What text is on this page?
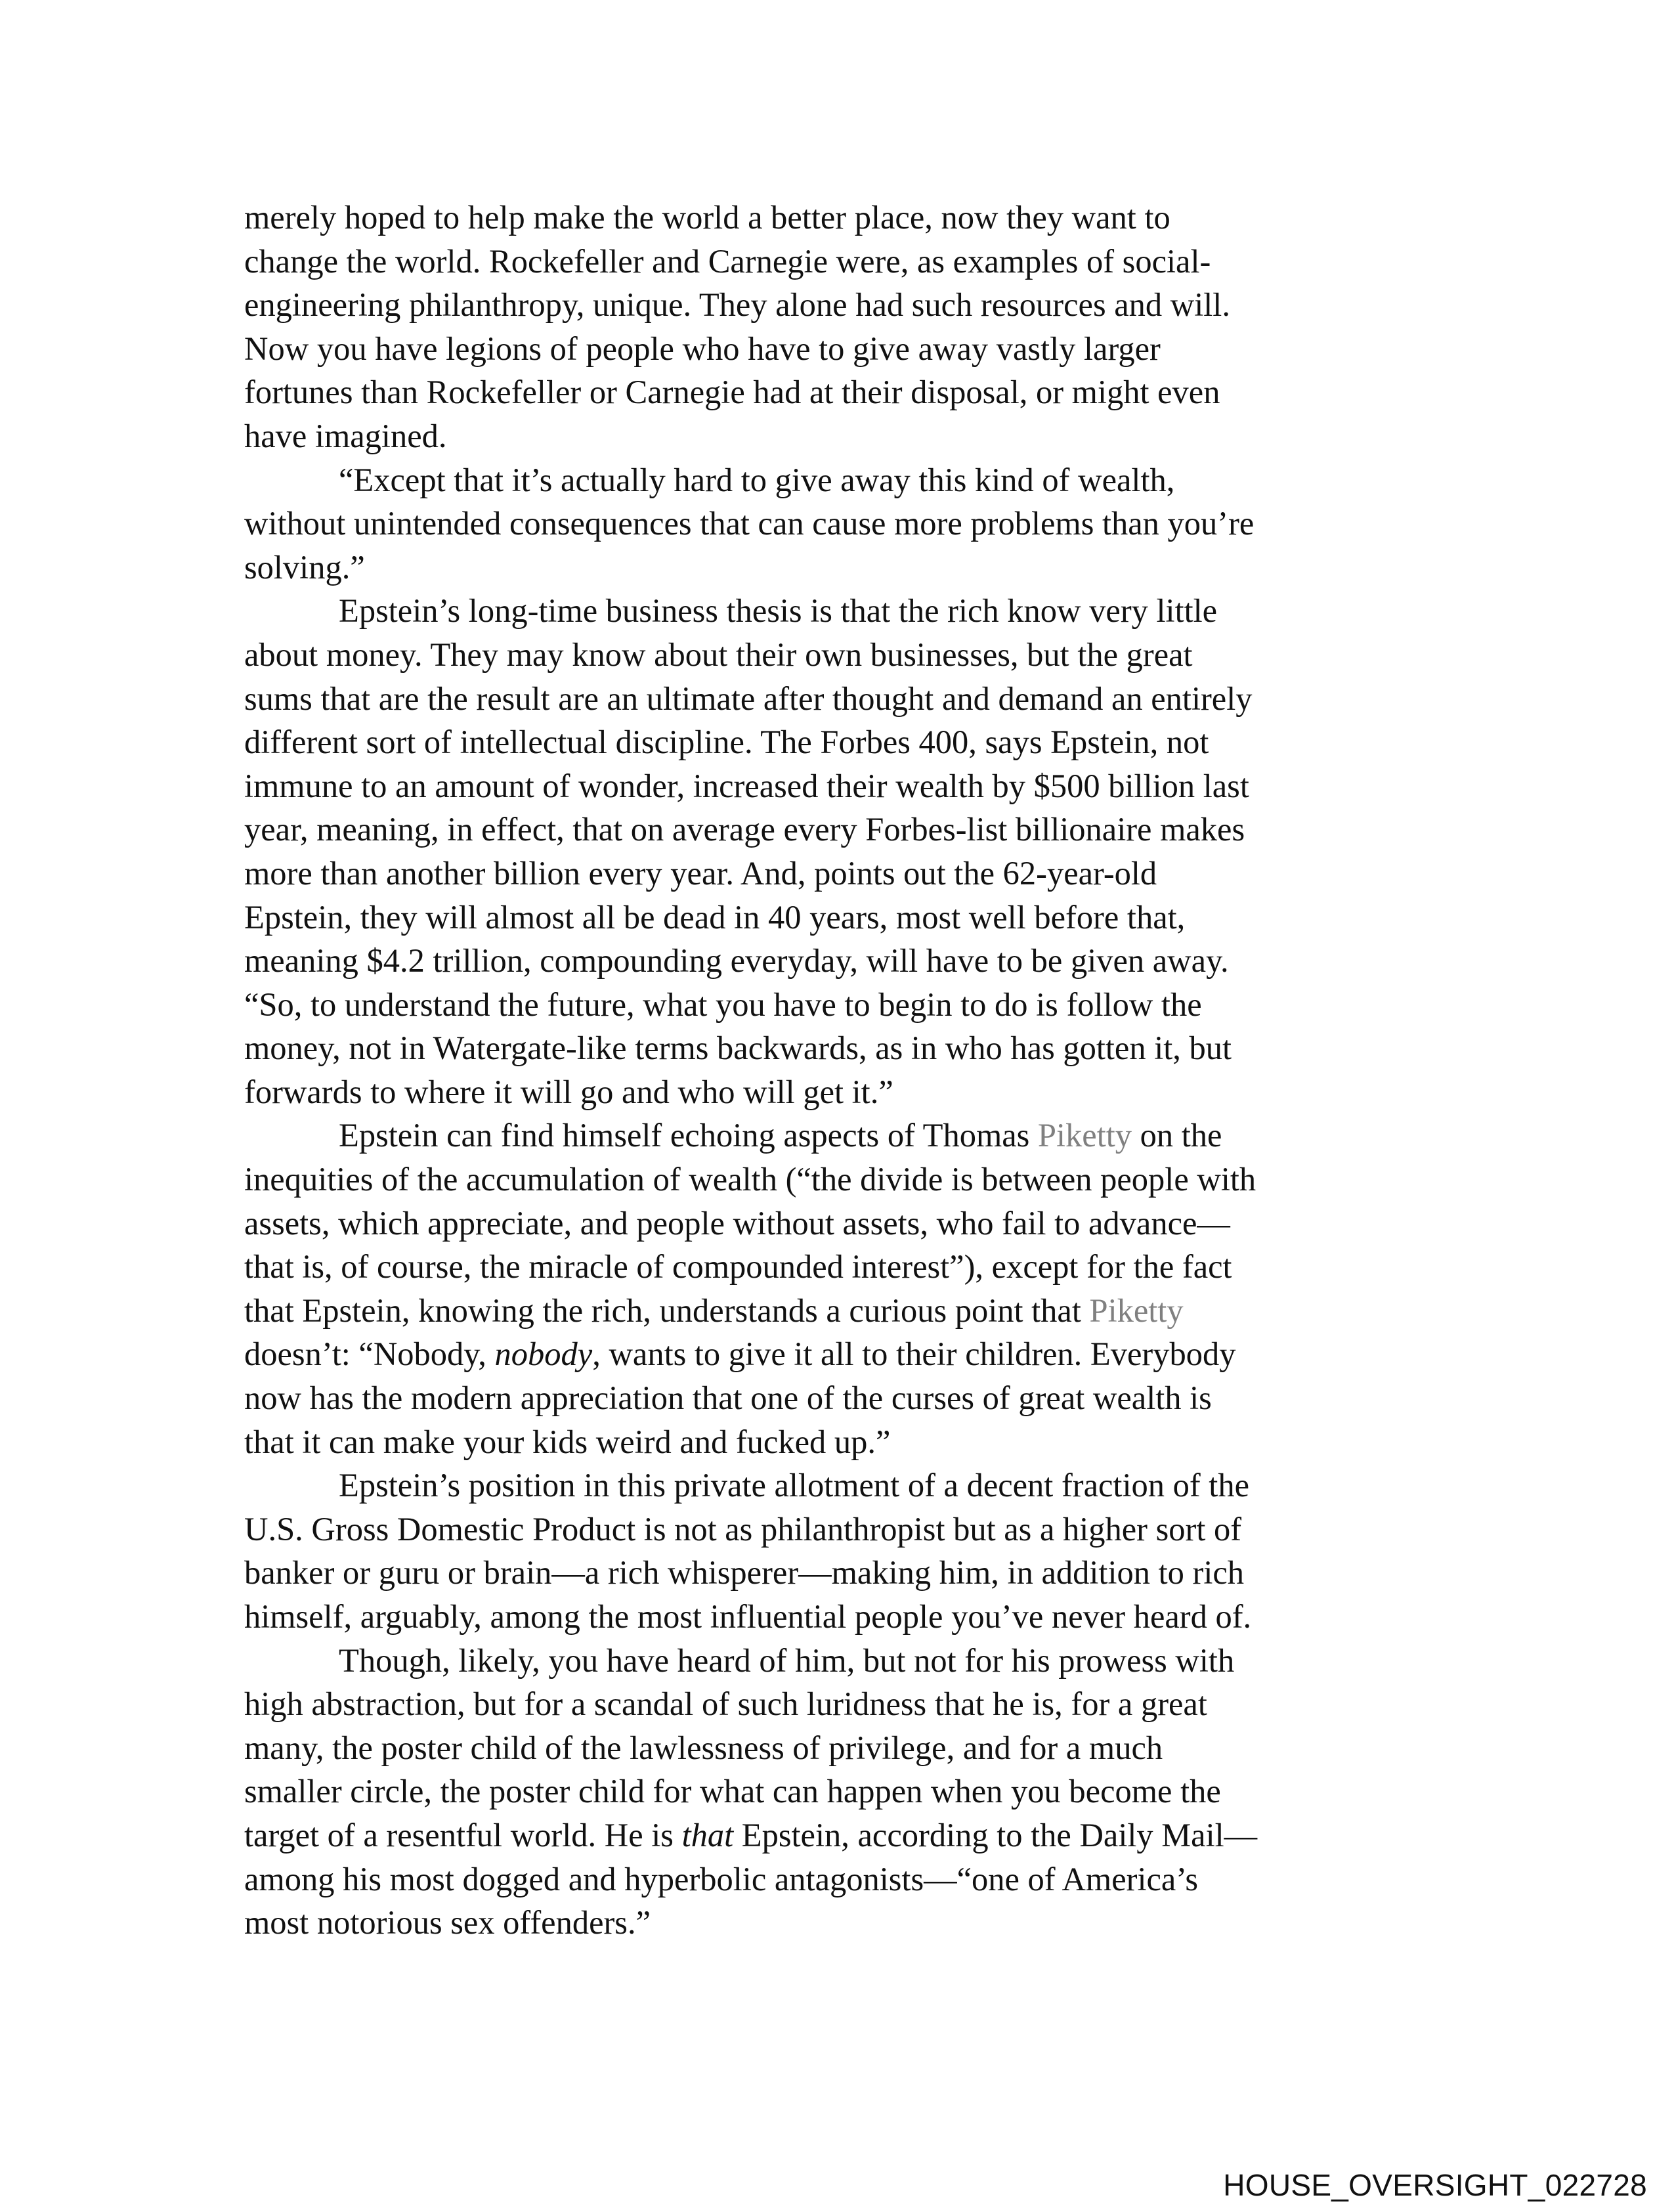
merely hoped to help make the world a better place, now they want to
change the world. Rockefeller and Carnegie were, as examples of social-
engineering philanthropy, unique. They alone had such resources and will.
Now you have legions of people who have to give away vastly larger
fortunes than Rockefeller or Carnegie had at their disposal, or might even
have imagined.

“Except that it’s actually hard to give away this kind of wealth,
without unintended consequences that can cause more problems than you’re
solving.”

Epstein’s long-time business thesis is that the rich know very little
about money. They may know about their own businesses, but the great
sums that are the result are an ultimate after thought and demand an entirely
different sort of intellectual discipline. The Forbes 400, says Epstein, not
immune to an amount of wonder, increased their wealth by $500 billion last
year, meaning, in effect, that on average every Forbes-list billionaire makes
more than another billion every year. And, points out the 62-year-old
Epstein, they will almost all be dead in 40 years, most well before that,
meaning $4.2 trillion, compounding everyday, will have to be given away.
“So, to understand the future, what you have to begin to do is follow the
money, not in Watergate-like terms backwards, as in who has gotten it, but
forwards to where it will go and who will get it.”

Epstein can find himself echoing aspects of Thomas Piketty on the
inequities of the accumulation of wealth (“the divide is between people with
assets, which appreciate, and people without assets, who fail to advance—
that is, of course, the miracle of compounded interest”), except for the fact
that Epstein, knowing the rich, understands a curious point that Piketty
doesn’t: “Nobody, nobody, wants to give it all to their children. Everybody
now has the modern appreciation that one of the curses of great wealth is
that it can make your kids weird and fucked up.”

Epstein’s position in this private allotment of a decent fraction of the
U.S. Gross Domestic Product is not as philanthropist but as a higher sort of
banker or guru or brain—a rich whisperer—making him, in addition to rich
himself, arguably, among the most influential people you’ve never heard of.

Though, likely, you have heard of him, but not for his prowess with
high abstraction, but for a scandal of such luridness that he is, for a great
many, the poster child of the lawlessness of privilege, and for a much
smaller circle, the poster child for what can happen when you become the
target of a resentful world. He is that Epstein, according to the Daily Mail—
among his most dogged and hyperbolic antagonists—“one of America’s
most notorious sex offenders.”

HOUSE_OVERSIGHT_022728
